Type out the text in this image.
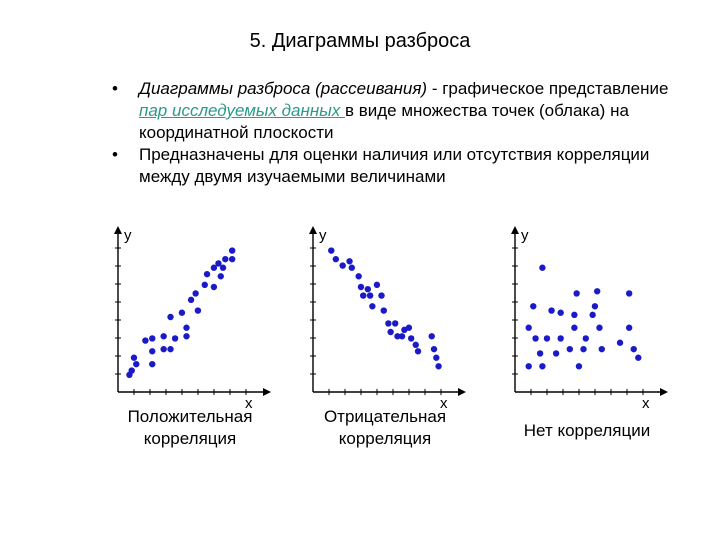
5. Диаграммы разброса
• Диаграммы разброса (рассеивания) - графическое представление пар исследуемых данных в виде множества точек (облака) на координатной плоскости
• Предназначены для оценки наличия или отсутствия корреляции между двумя изучаемыми величинами
x
y
Положительная
корреляция
x
y
Отрицательная
корреляция
x
y
Нет корреляции
